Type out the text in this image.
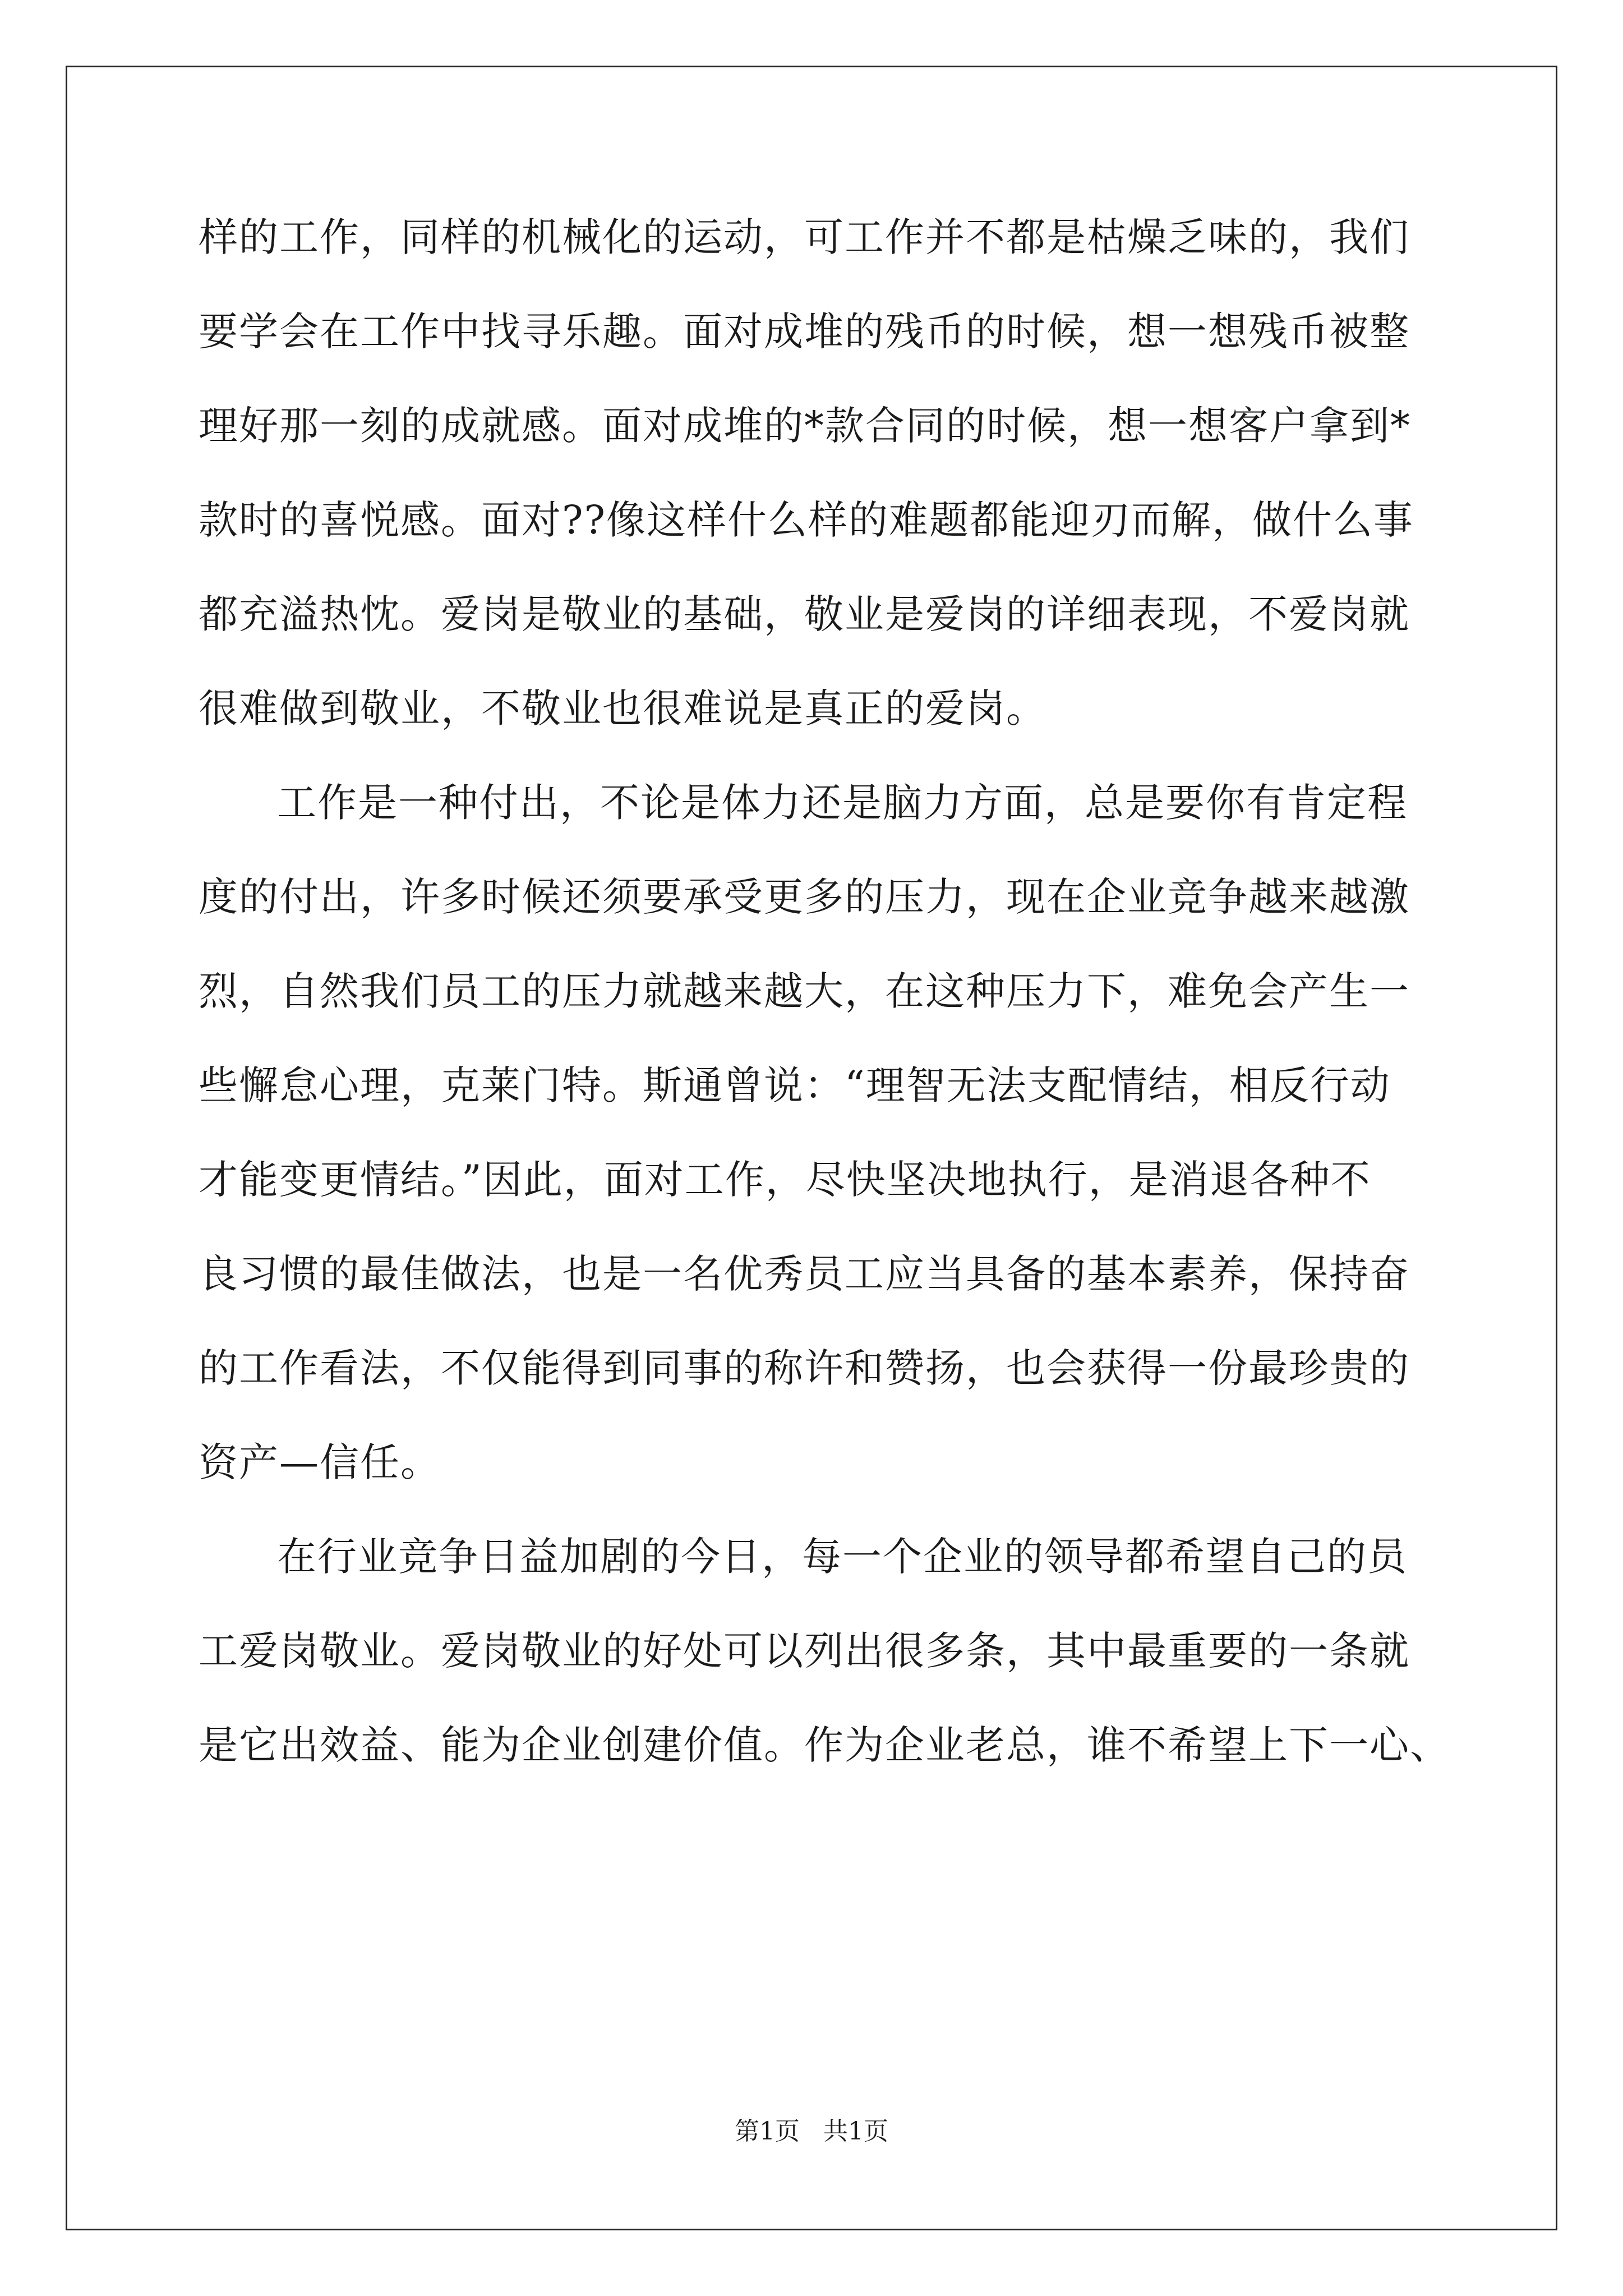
样的工作，同样的机械化的运动，可工作并不都是枯燥乏味的，我们
要学会在工作中找寻乐趣。面对成堆的残币的时候，想一想残币被整
理好那一刻的成就感。面对成堆的*款合同的时候，想一想客户拿到*
款时的喜悦感。面对??像这样什么样的难题都能迎刃而解，做什么事
都充溢热忱。爱岗是敬业的基础，敬业是爱岗的详细表现，不爱岗就
很难做到敬业，不敬业也很难说是真正的爱岗。
工作是一种付出，不论是体力还是脑力方面，总是要你有肯定程
度的付出，许多时候还须要承受更多的压力，现在企业竞争越来越激
烈，自然我们员工的压力就越来越大，在这种压力下，难免会产生一
些懈怠心理，克莱门特。斯通曾说：“理智无法支配情结，相反行动
才能变更情结。”因此，面对工作，尽快坚决地执行，是消退各种不
良习惯的最佳做法，也是一名优秀员工应当具备的基本素养，保持奋
的工作看法，不仅能得到同事的称许和赞扬，也会获得一份最珍贵的
资产—信任。
在行业竞争日益加剧的今日，每一个企业的领导都希望自己的员
工爱岗敬业。爱岗敬业的好处可以列出很多条，其中最重要的一条就
是它出效益、能为企业创建价值。作为企业老总，谁不希望上下一心、
第1页   共1页
